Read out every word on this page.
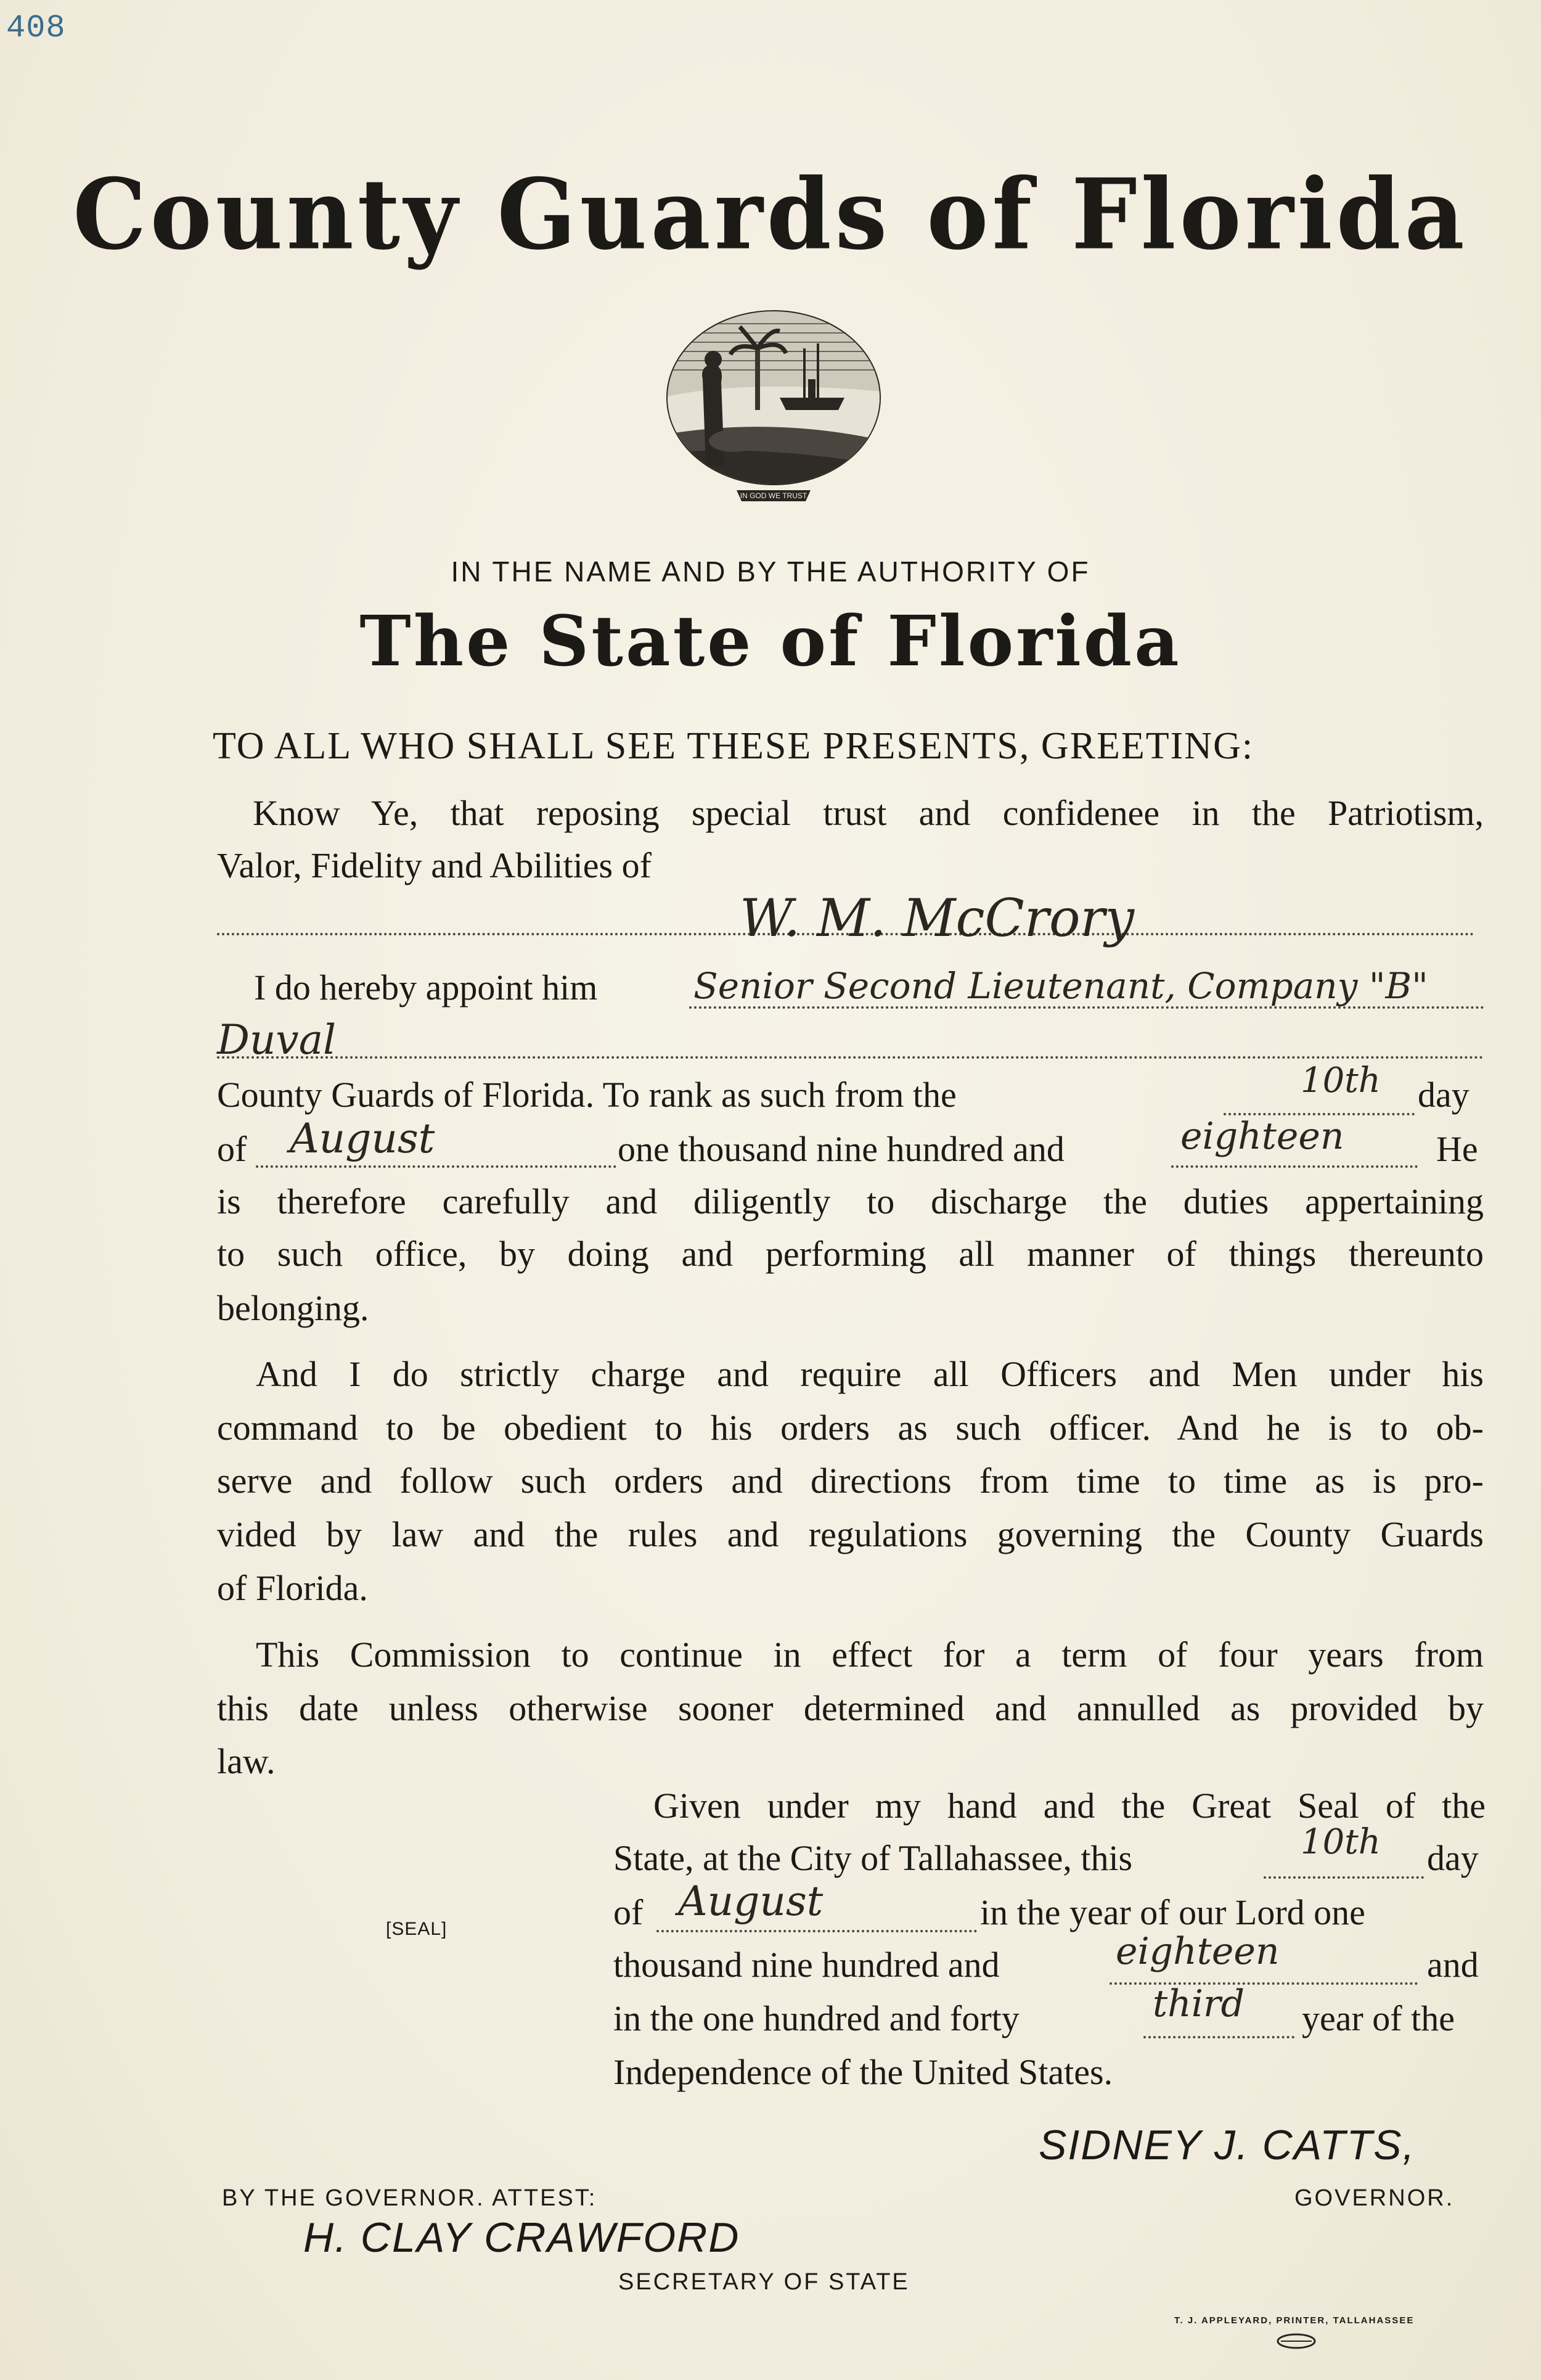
408
County Guards of Florida
IN GOD WE TRUST
IN THE NAME AND BY THE AUTHORITY OF
The State of Florida
TO ALL WHO SHALL SEE THESE PRESENTS, GREETING:
Know Ye, that reposing special trust and confidenee in the Patriotism,
Valor, Fidelity and Abilities of
W. M. McCrory
I do hereby appoint him	Senior Second Lieutenant, Company "B"
Duval
County Guards of Florida. To rank as such from the	10th day
of August	one thousand nine hundred and	eighteen	He
is therefore carefully and diligently to discharge the duties appertaining
to such office, by doing and performing all manner of things thereunto
belonging.
And I do strictly charge and require all Officers and Men under his
command to be obedient to his orders as such officer. And he is to ob-
serve and follow such orders and directions from time to time as is pro-
vided by law and the rules and regulations governing the County Guards
of Florida.
This Commission to continue in effect for a term of four years from
this date unless otherwise sooner determined and annulled as provided by
law.
Given under my hand and the Great Seal of the
State, at the City of Tallahassee, this	10th day
of August	in the year of our Lord one
[SEAL]
thousand nine hundred and	eighteen	and
in the one hundred and forty	third year of the
Independence of the United States.
SIDNEY J. CATTS,
GOVERNOR.
BY THE GOVERNOR. ATTEST:
H. CLAY CRAWFORD
SECRETARY OF STATE
T. J. APPLEYARD, PRINTER, TALLAHASSEE
